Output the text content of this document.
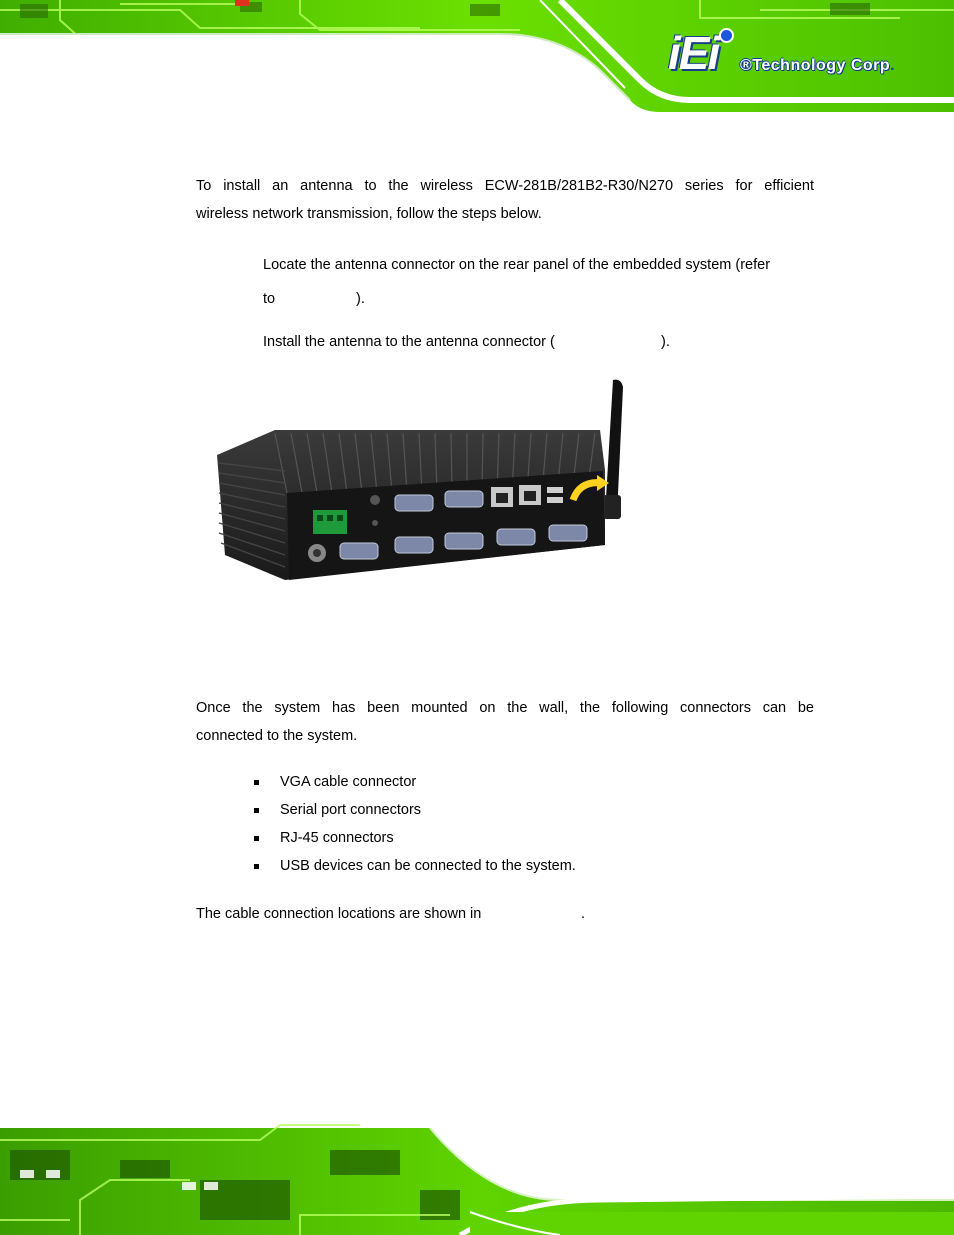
iEi ®Technology Corp.
To install an antenna to the wireless ECW-281B/281B2-R30/N270 series for efficient
wireless network transmission, follow the steps below.
Locate the antenna connector on the rear panel of the embedded system (refer
to	).
Install the antenna to the antenna connector (	).
Once the system has been mounted on the wall, the following connectors can be
connected to the system.
VGA cable connector
Serial port connectors
RJ-45 connectors
USB devices can be connected to the system.
The cable connection locations are shown in	.
